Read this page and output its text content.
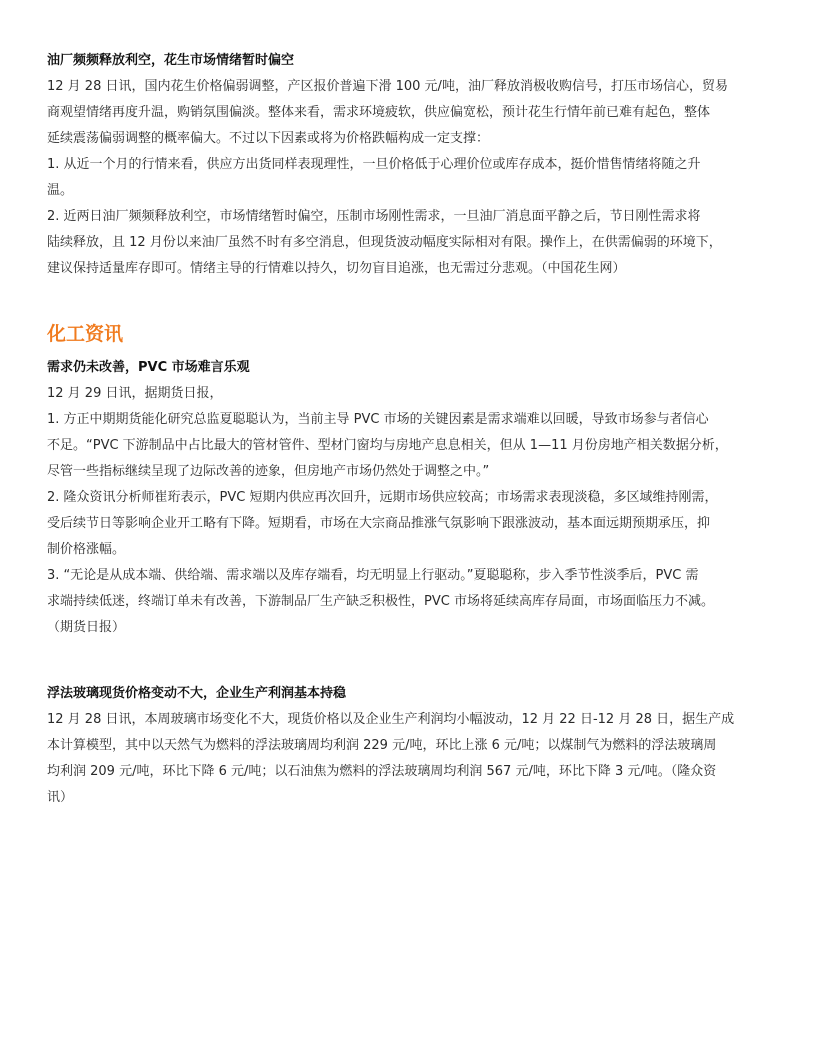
油厂频频释放利空，花生市场情绪暂时偏空

12 月 28 日讯，国内花生价格偏弱调整，产区报价普遍下滑 100 元/吨，油厂释放消极收购信号，打压市场信心，贸易
商观望情绪再度升温，购销氛围偏淡。整体来看，需求环境疲软，供应偏宽松，预计花生行情年前已难有起色，整体
延续震荡偏弱调整的概率偏大。不过以下因素或将为价格跌幅构成一定支撑：

1. 从近一个月的行情来看，供应方出货同样表现理性，一旦价格低于心理价位或库存成本，挺价惜售情绪将随之升
温。

2. 近两日油厂频频释放利空，市场情绪暂时偏空，压制市场刚性需求，一旦油厂消息面平静之后，节日刚性需求将
陆续释放，且 12 月份以来油厂虽然不时有多空消息，但现货波动幅度实际相对有限。操作上，在供需偏弱的环境下，
建议保持适量库存即可。情绪主导的行情难以持久，切勿盲目追涨，也无需过分悲观。（中国花生网）

化工资讯
需求仍未改善，PVC 市场难言乐观

12 月 29 日讯，据期货日报，

1. 方正中期期货能化研究总监夏聪聪认为，当前主导 PVC 市场的关键因素是需求端难以回暖，导致市场参与者信心
不足。“PVC 下游制品中占比最大的管材管件、型材门窗均与房地产息息相关，但从 1—11 月份房地产相关数据分析，
尽管一些指标继续呈现了边际改善的迹象，但房地产市场仍然处于调整之中。”

2. 隆众资讯分析师崔珩表示，PVC 短期内供应再次回升，远期市场供应较高；市场需求表现淡稳，多区域维持刚需，
受后续节日等影响企业开工略有下降。短期看，市场在大宗商品推涨气氛影响下跟涨波动，基本面远期预期承压，抑
制价格涨幅。

3. “无论是从成本端、供给端、需求端以及库存端看，均无明显上行驱动。”夏聪聪称，步入季节性淡季后，PVC 需
求端持续低迷，终端订单未有改善，下游制品厂生产缺乏积极性，PVC 市场将延续高库存局面，市场面临压力不减。
（期货日报）

浮法玻璃现货价格变动不大，企业生产利润基本持稳

12 月 28 日讯，本周玻璃市场变化不大，现货价格以及企业生产利润均小幅波动，12 月 22 日-12 月 28 日，据生产成
本计算模型，其中以天然气为燃料的浮法玻璃周均利润 229 元/吨，环比上涨 6 元/吨；以煤制气为燃料的浮法玻璃周
均利润 209 元/吨，环比下降 6 元/吨；以石油焦为燃料的浮法玻璃周均利润 567 元/吨，环比下降 3 元/吨。（隆众资
讯）
